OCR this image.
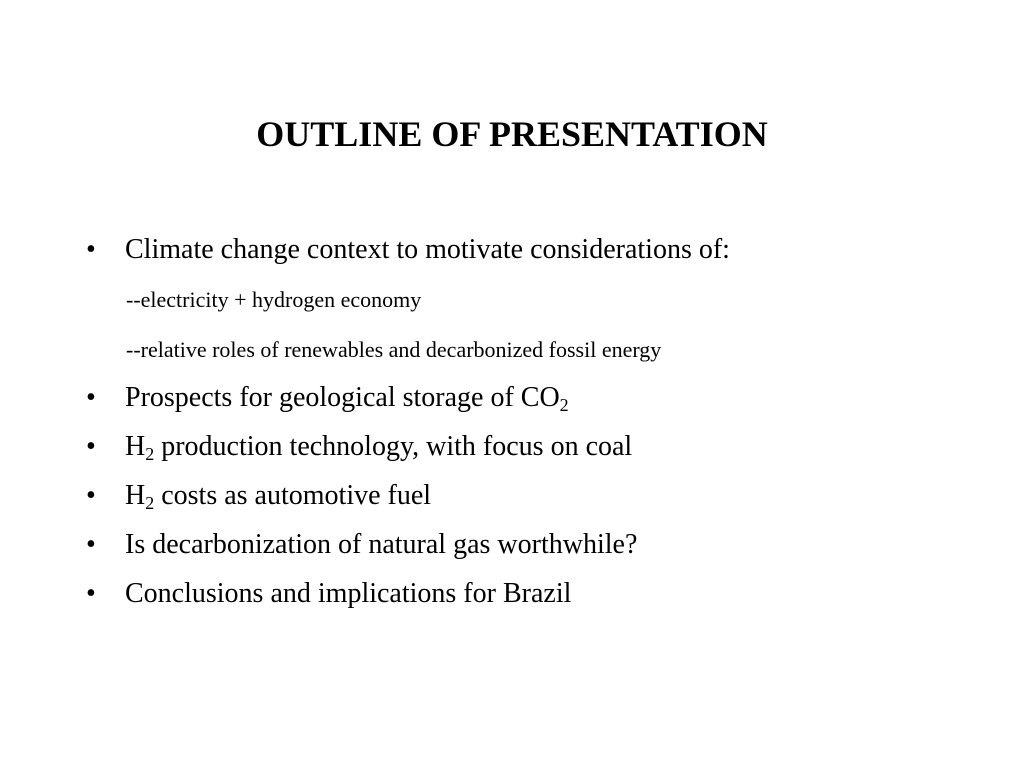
OUTLINE OF PRESENTATION
• Climate change context to motivate considerations of:
--electricity + hydrogen economy
--relative roles of renewables and decarbonized fossil energy
• Prospects for geological storage of $CO_2$
• $H_2$ production technology, with focus on coal
• $H_2$ costs as automotive fuel
• Is decarbonization of natural gas worthwhile?
• Conclusions and implications for Brazil
